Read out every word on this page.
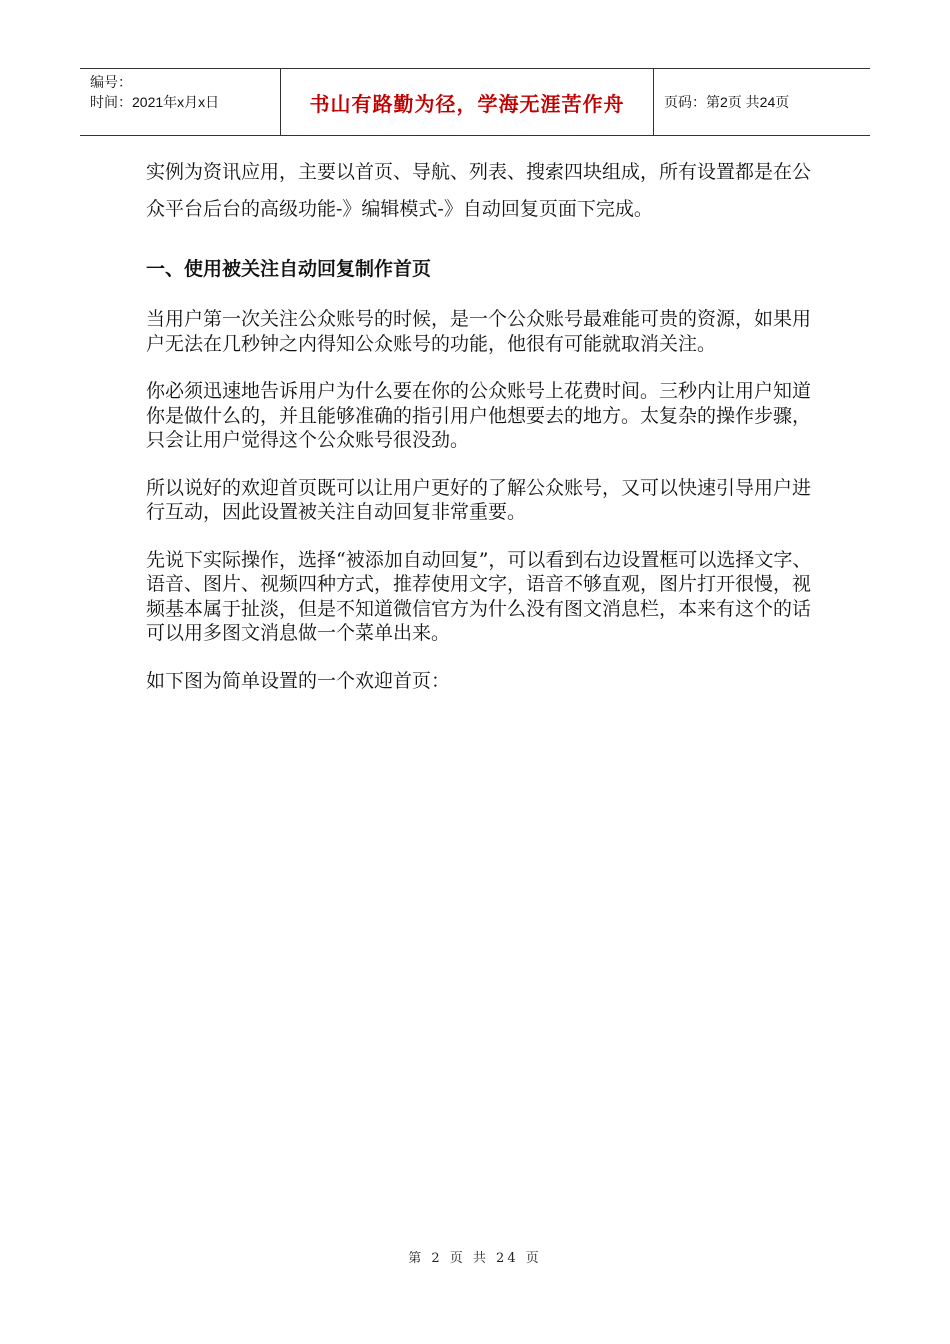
编号：
时间：2021年x月x日	书山有路勤为径，学海无涯苦作舟	页码：第2页 共24页

实例为资讯应用，主要以首页、导航、列表、搜索四块组成，所有设置都是在公众平台后台的高级功能-》编辑模式-》自动回复页面下完成。

一、使用被关注自动回复制作首页

当用户第一次关注公众账号的时候，是一个公众账号最难能可贵的资源，如果用户无法在几秒钟之内得知公众账号的功能，他很有可能就取消关注。

你必须迅速地告诉用户为什么要在你的公众账号上花费时间。三秒内让用户知道你是做什么的，并且能够准确的指引用户他想要去的地方。太复杂的操作步骤，只会让用户觉得这个公众账号很没劲。

所以说好的欢迎首页既可以让用户更好的了解公众账号，又可以快速引导用户进行互动，因此设置被关注自动回复非常重要。

先说下实际操作，选择“被添加自动回复”，可以看到右边设置框可以选择文字、语音、图片、视频四种方式，推荐使用文字，语音不够直观，图片打开很慢，视频基本属于扯淡，但是不知道微信官方为什么没有图文消息栏，本来有这个的话可以用多图文消息做一个菜单出来。

如下图为简单设置的一个欢迎首页：

第 2 页 共 24 页
